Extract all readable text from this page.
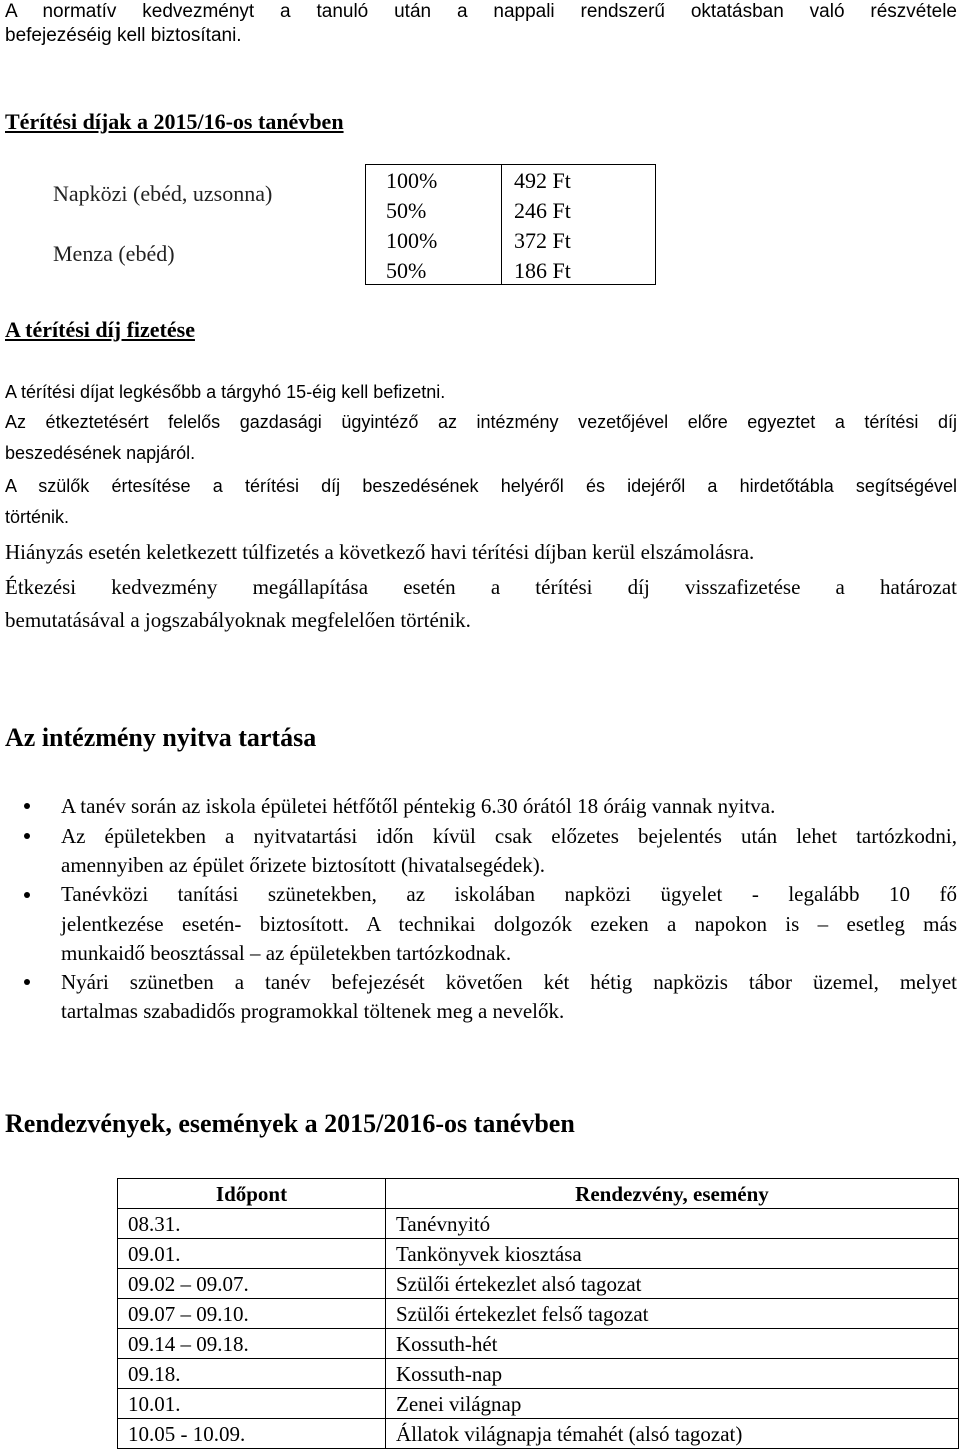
A normatív kedvezményt a tanuló után a nappali rendszerű oktatásban való részvétele
befejezéséig kell biztosítani.
Térítési díjak a 2015/16-os tanévben
Napközi (ebéd, uzsonna)
Menza (ebéd)
100%	492 Ft
50%	246 Ft
100%	372 Ft
50%	186 Ft
A térítési díj fizetése
A térítési díjat legkésőbb a tárgyhó 15-éig kell befizetni.
Az étkeztetésért felelős gazdasági ügyintéző az intézmény vezetőjével előre egyeztet a térítési díj
beszedésének napjáról.
A szülők értesítése a térítési díj beszedésének helyéről és idejéről a hirdetőtábla segítségével
történik.
Hiányzás esetén keletkezett túlfizetés a következő havi térítési díjban kerül elszámolásra.
Étkezési kedvezmény megállapítása esetén a térítési díj visszafizetése a határozat
bemutatásával a jogszabályoknak megfelelően történik.
Az intézmény nyitva tartása
A tanév során az iskola épületei hétfőtől péntekig 6.30 órától 18 óráig vannak nyitva.
Az épületekben a nyitvatartási időn kívül csak előzetes bejelentés után lehet tartózkodni,
amennyiben az épület őrizete biztosított (hivatalsegédek).
Tanévközi tanítási szünetekben, az iskolában napközi ügyelet - legalább 10 fő
jelentkezése esetén- biztosított. A technikai dolgozók ezeken a napokon is – esetleg más
munkaidő beosztással – az épületekben tartózkodnak.
Nyári szünetben a tanév befejezését követően két hétig napközis tábor üzemel, melyet
tartalmas szabadidős programokkal töltenek meg a nevelők.
Rendezvények, események a 2015/2016-os tanévben
Időpont	Rendezvény, esemény
08.31.	Tanévnyitó
09.01.	Tankönyvek kiosztása
09.02 – 09.07.	Szülői értekezlet alsó tagozat
09.07 – 09.10.	Szülői értekezlet felső tagozat
09.14 – 09.18.	Kossuth-hét
09.18.	Kossuth-nap
10.01.	Zenei világnap
10.05 - 10.09.	Állatok világnapja témahét (alsó tagozat)
